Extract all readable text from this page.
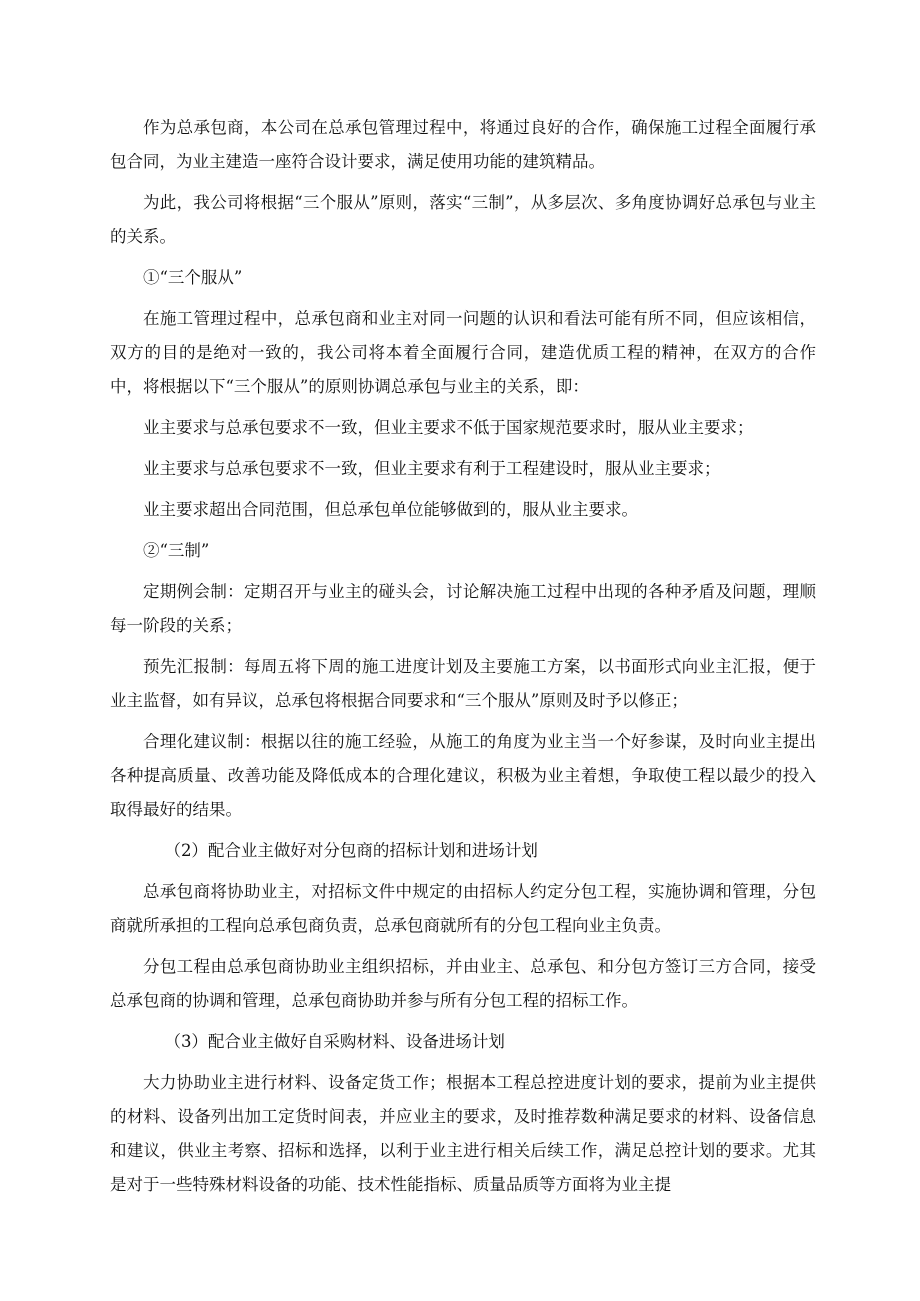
作为总承包商，本公司在总承包管理过程中，将通过良好的合作，确保施工过程全面履行承包合同，为业主建造一座符合设计要求，满足使用功能的建筑精品。

为此，我公司将根据“三个服从”原则，落实“三制”，从多层次、多角度协调好总承包与业主的关系。

①“三个服从”

在施工管理过程中，总承包商和业主对同一问题的认识和看法可能有所不同，但应该相信，双方的目的是绝对一致的，我公司将本着全面履行合同，建造优质工程的精神，在双方的合作中，将根据以下“三个服从”的原则协调总承包与业主的关系，即：

业主要求与总承包要求不一致，但业主要求不低于国家规范要求时，服从业主要求；

业主要求与总承包要求不一致，但业主要求有利于工程建设时，服从业主要求；

业主要求超出合同范围，但总承包单位能够做到的，服从业主要求。

②“三制”

定期例会制：定期召开与业主的碰头会，讨论解决施工过程中出现的各种矛盾及问题，理顺每一阶段的关系；

预先汇报制：每周五将下周的施工进度计划及主要施工方案，以书面形式向业主汇报，便于业主监督，如有异议，总承包将根据合同要求和“三个服从”原则及时予以修正；

合理化建议制：根据以往的施工经验，从施工的角度为业主当一个好参谋，及时向业主提出各种提高质量、改善功能及降低成本的合理化建议，积极为业主着想，争取使工程以最少的投入取得最好的结果。

（2）配合业主做好对分包商的招标计划和进场计划

总承包商将协助业主，对招标文件中规定的由招标人约定分包工程，实施协调和管理，分包商就所承担的工程向总承包商负责，总承包商就所有的分包工程向业主负责。

分包工程由总承包商协助业主组织招标，并由业主、总承包、和分包方签订三方合同，接受总承包商的协调和管理，总承包商协助并参与所有分包工程的招标工作。

（3）配合业主做好自采购材料、设备进场计划

大力协助业主进行材料、设备定货工作；根据本工程总控进度计划的要求，提前为业主提供的材料、设备列出加工定货时间表，并应业主的要求，及时推荐数种满足要求的材料、设备信息和建议，供业主考察、招标和选择，以利于业主进行相关后续工作，满足总控计划的要求。尤其是对于一些特殊材料设备的功能、技术性能指标、质量品质等方面将为业主提
